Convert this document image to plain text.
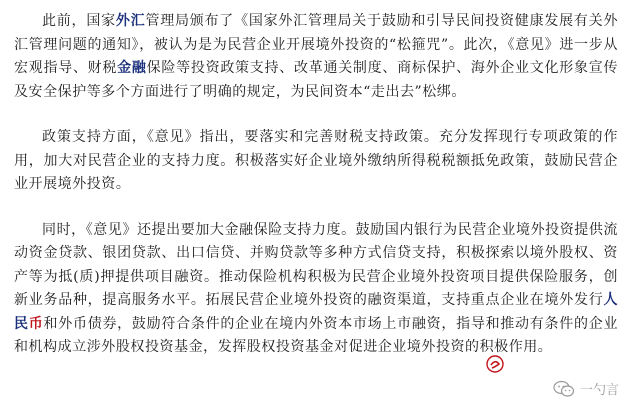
此前，国家外汇管理局颁布了《国家外汇管理局关于鼓励和引导民间投资健康发展有关外汇管理问题的通知》，被认为是为民营企业开展境外投资的“松箍咒”。此次，《意见》进一步从宏观指导、财税金融保险等投资政策支持、改革通关制度、商标保护、海外企业文化形象宣传及安全保护等多个方面进行了明确的规定，为民间资本“走出去”松绑。

政策支持方面，《意见》指出，要落实和完善财税支持政策。充分发挥现行专项政策的作用，加大对民营企业的支持力度。积极落实好企业境外缴纳所得税税额抵免政策，鼓励民营企业开展境外投资。

同时，《意见》还提出要加大金融保险支持力度。鼓励国内银行为民营企业境外投资提供流动资金贷款、银团贷款、出口信贷、并购贷款等多种方式信贷支持，积极探索以境外股权、资产等为抵(质)押提供项目融资。推动保险机构积极为民营企业境外投资项目提供保险服务，创新业务品种，提高服务水平。拓展民营企业境外投资的融资渠道，支持重点企业在境外发行人民币和外币债券，鼓励符合条件的企业在境内外资本市场上市融资，指导和推动有条件的企业和机构成立涉外股权投资基金，发挥股权投资基金对促进企业境外投资的积极作用。

一勺言
